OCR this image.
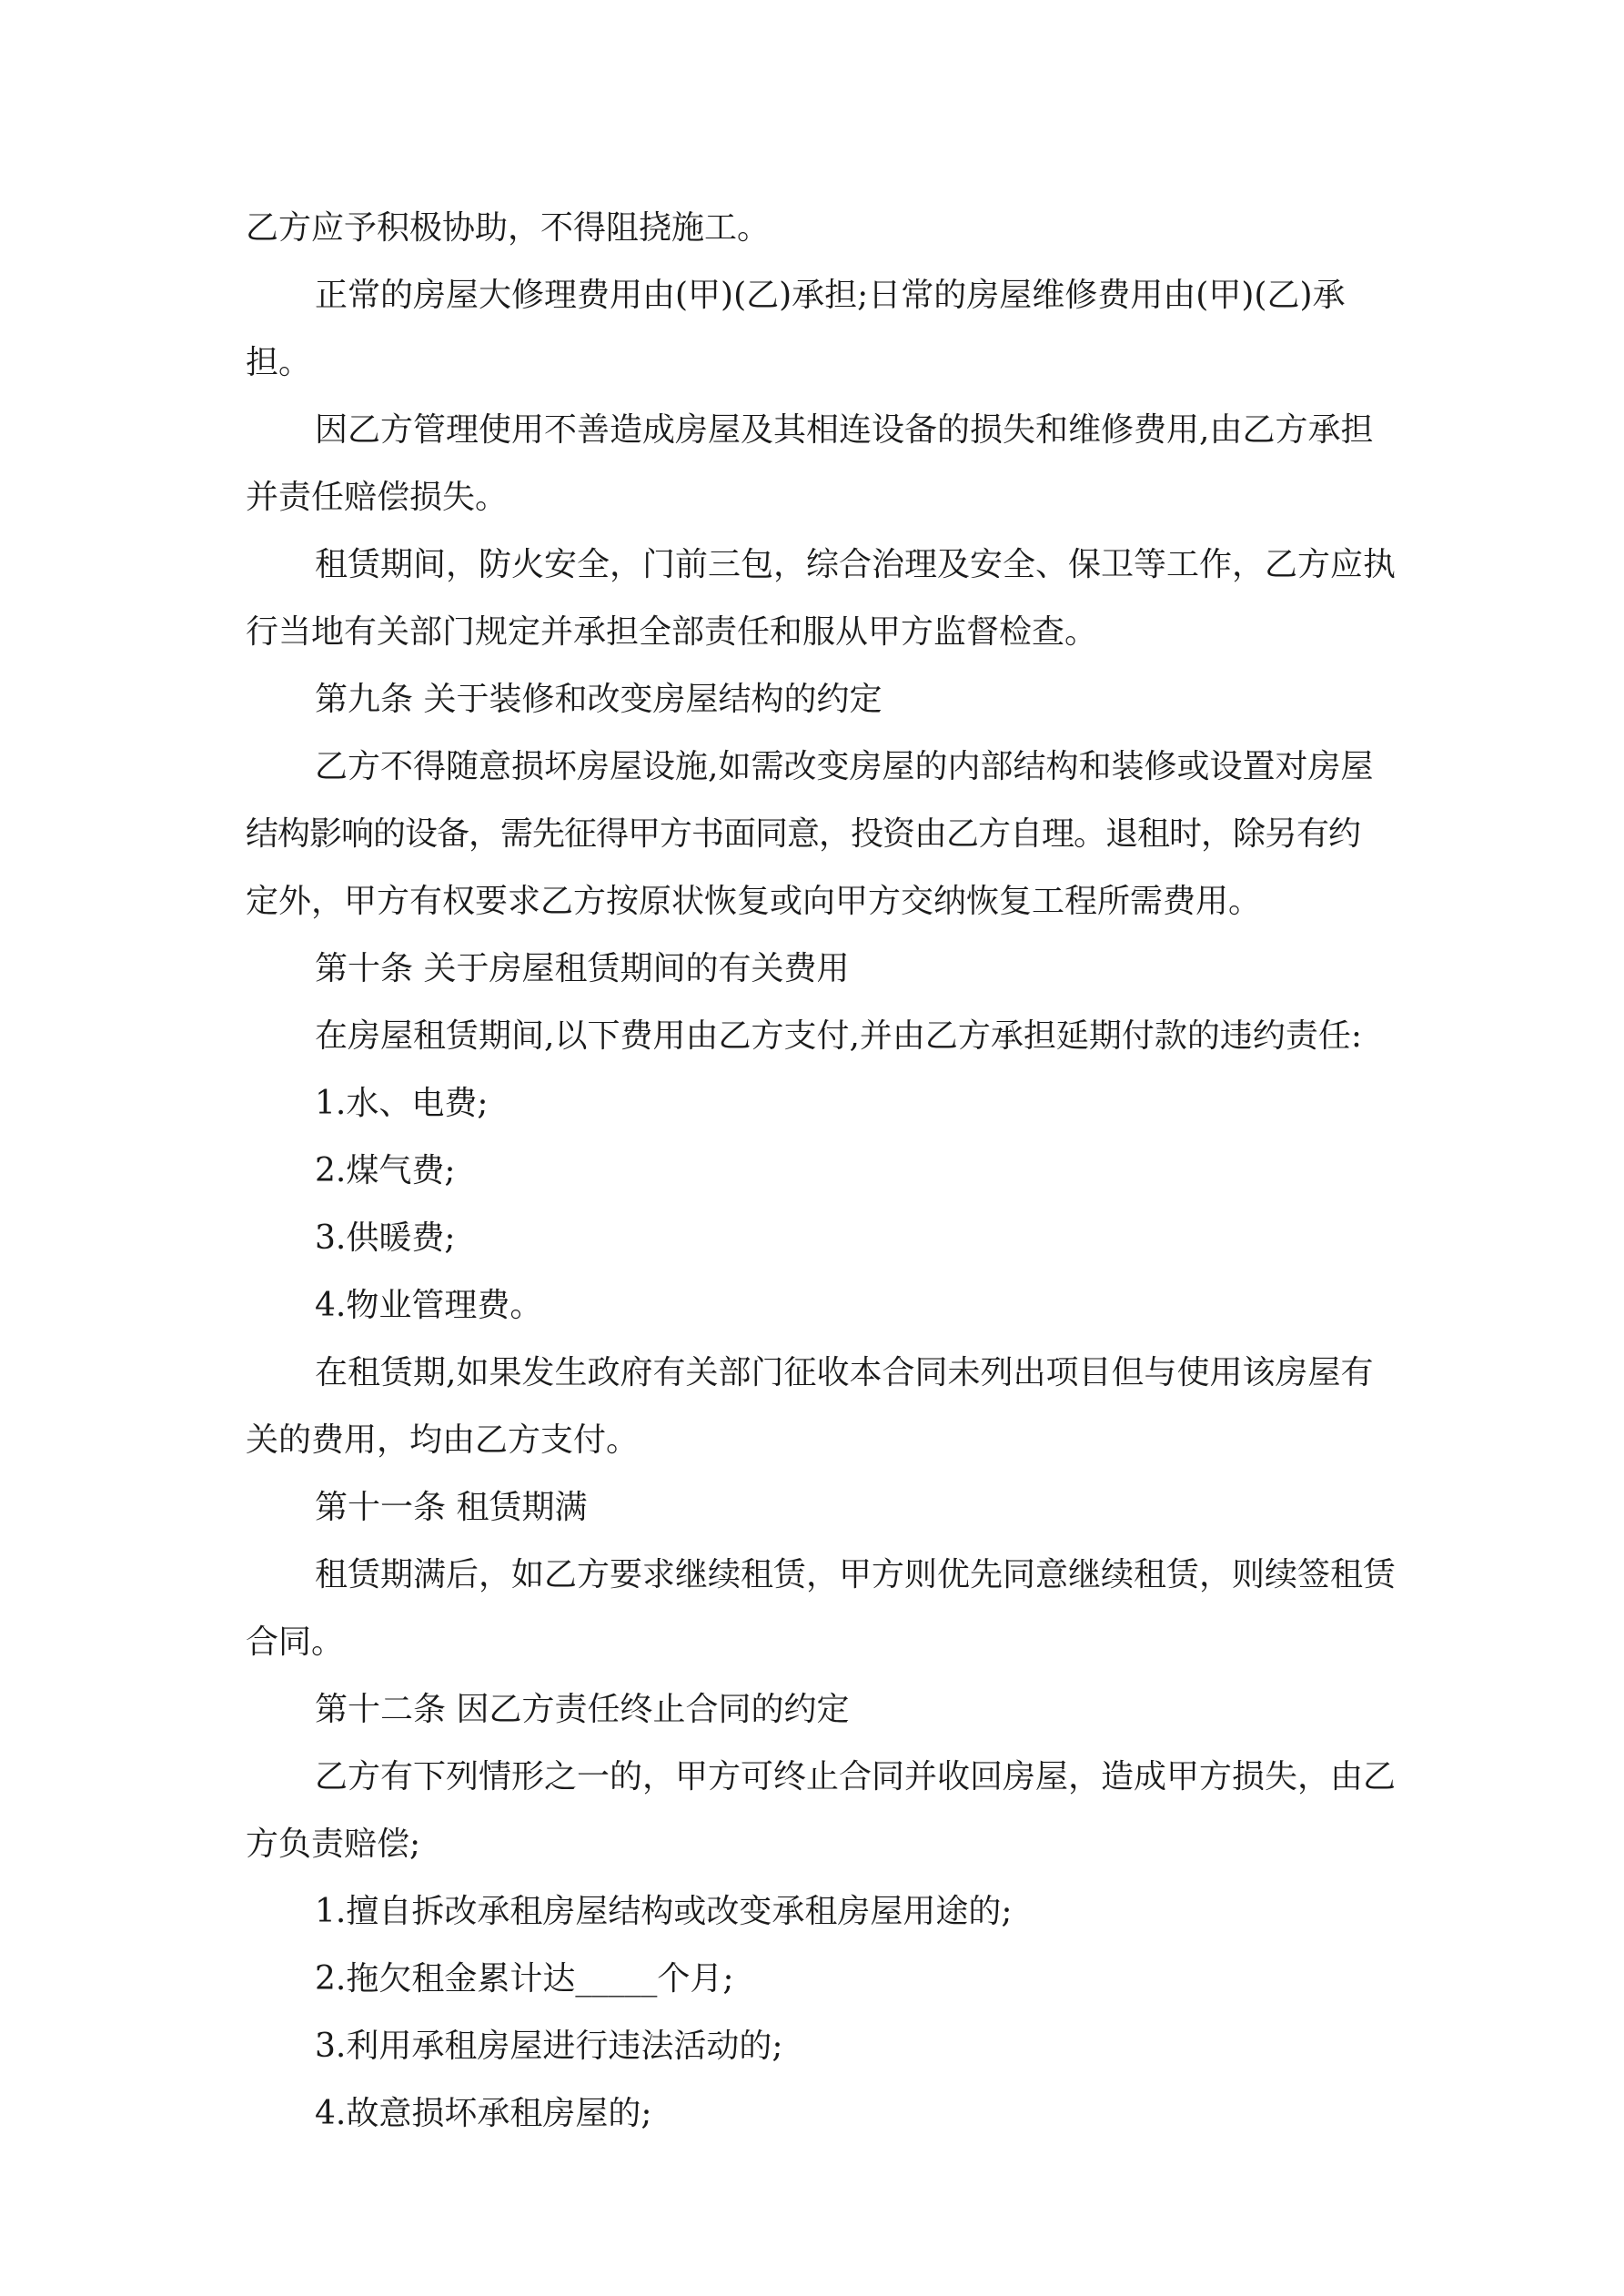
乙方应予积极协助，不得阻挠施工。

正常的房屋大修理费用由(甲)(乙)承担;日常的房屋维修费用由(甲)(乙)承

担。

因乙方管理使用不善造成房屋及其相连设备的损失和维修费用,由乙方承担

并责任赔偿损失。

租赁期间，防火安全，门前三包，综合治理及安全、保卫等工作，乙方应执

行当地有关部门规定并承担全部责任和服从甲方监督检查。

第九条 关于装修和改变房屋结构的约定

乙方不得随意损坏房屋设施,如需改变房屋的内部结构和装修或设置对房屋

结构影响的设备，需先征得甲方书面同意，投资由乙方自理。退租时，除另有约

定外，甲方有权要求乙方按原状恢复或向甲方交纳恢复工程所需费用。

第十条 关于房屋租赁期间的有关费用

在房屋租赁期间,以下费用由乙方支付,并由乙方承担延期付款的违约责任:

1.水、电费;

2.煤气费;

3.供暖费;

4.物业管理费。

在租赁期,如果发生政府有关部门征收本合同未列出项目但与使用该房屋有

关的费用，均由乙方支付。

第十一条 租赁期满

租赁期满后，如乙方要求继续租赁，甲方则优先同意继续租赁，则续签租赁

合同。

第十二条 因乙方责任终止合同的约定

乙方有下列情形之一的，甲方可终止合同并收回房屋，造成甲方损失，由乙

方负责赔偿;

1.擅自拆改承租房屋结构或改变承租房屋用途的;

2.拖欠租金累计达_____个月;

3.利用承租房屋进行违法活动的;

4.故意损坏承租房屋的;
